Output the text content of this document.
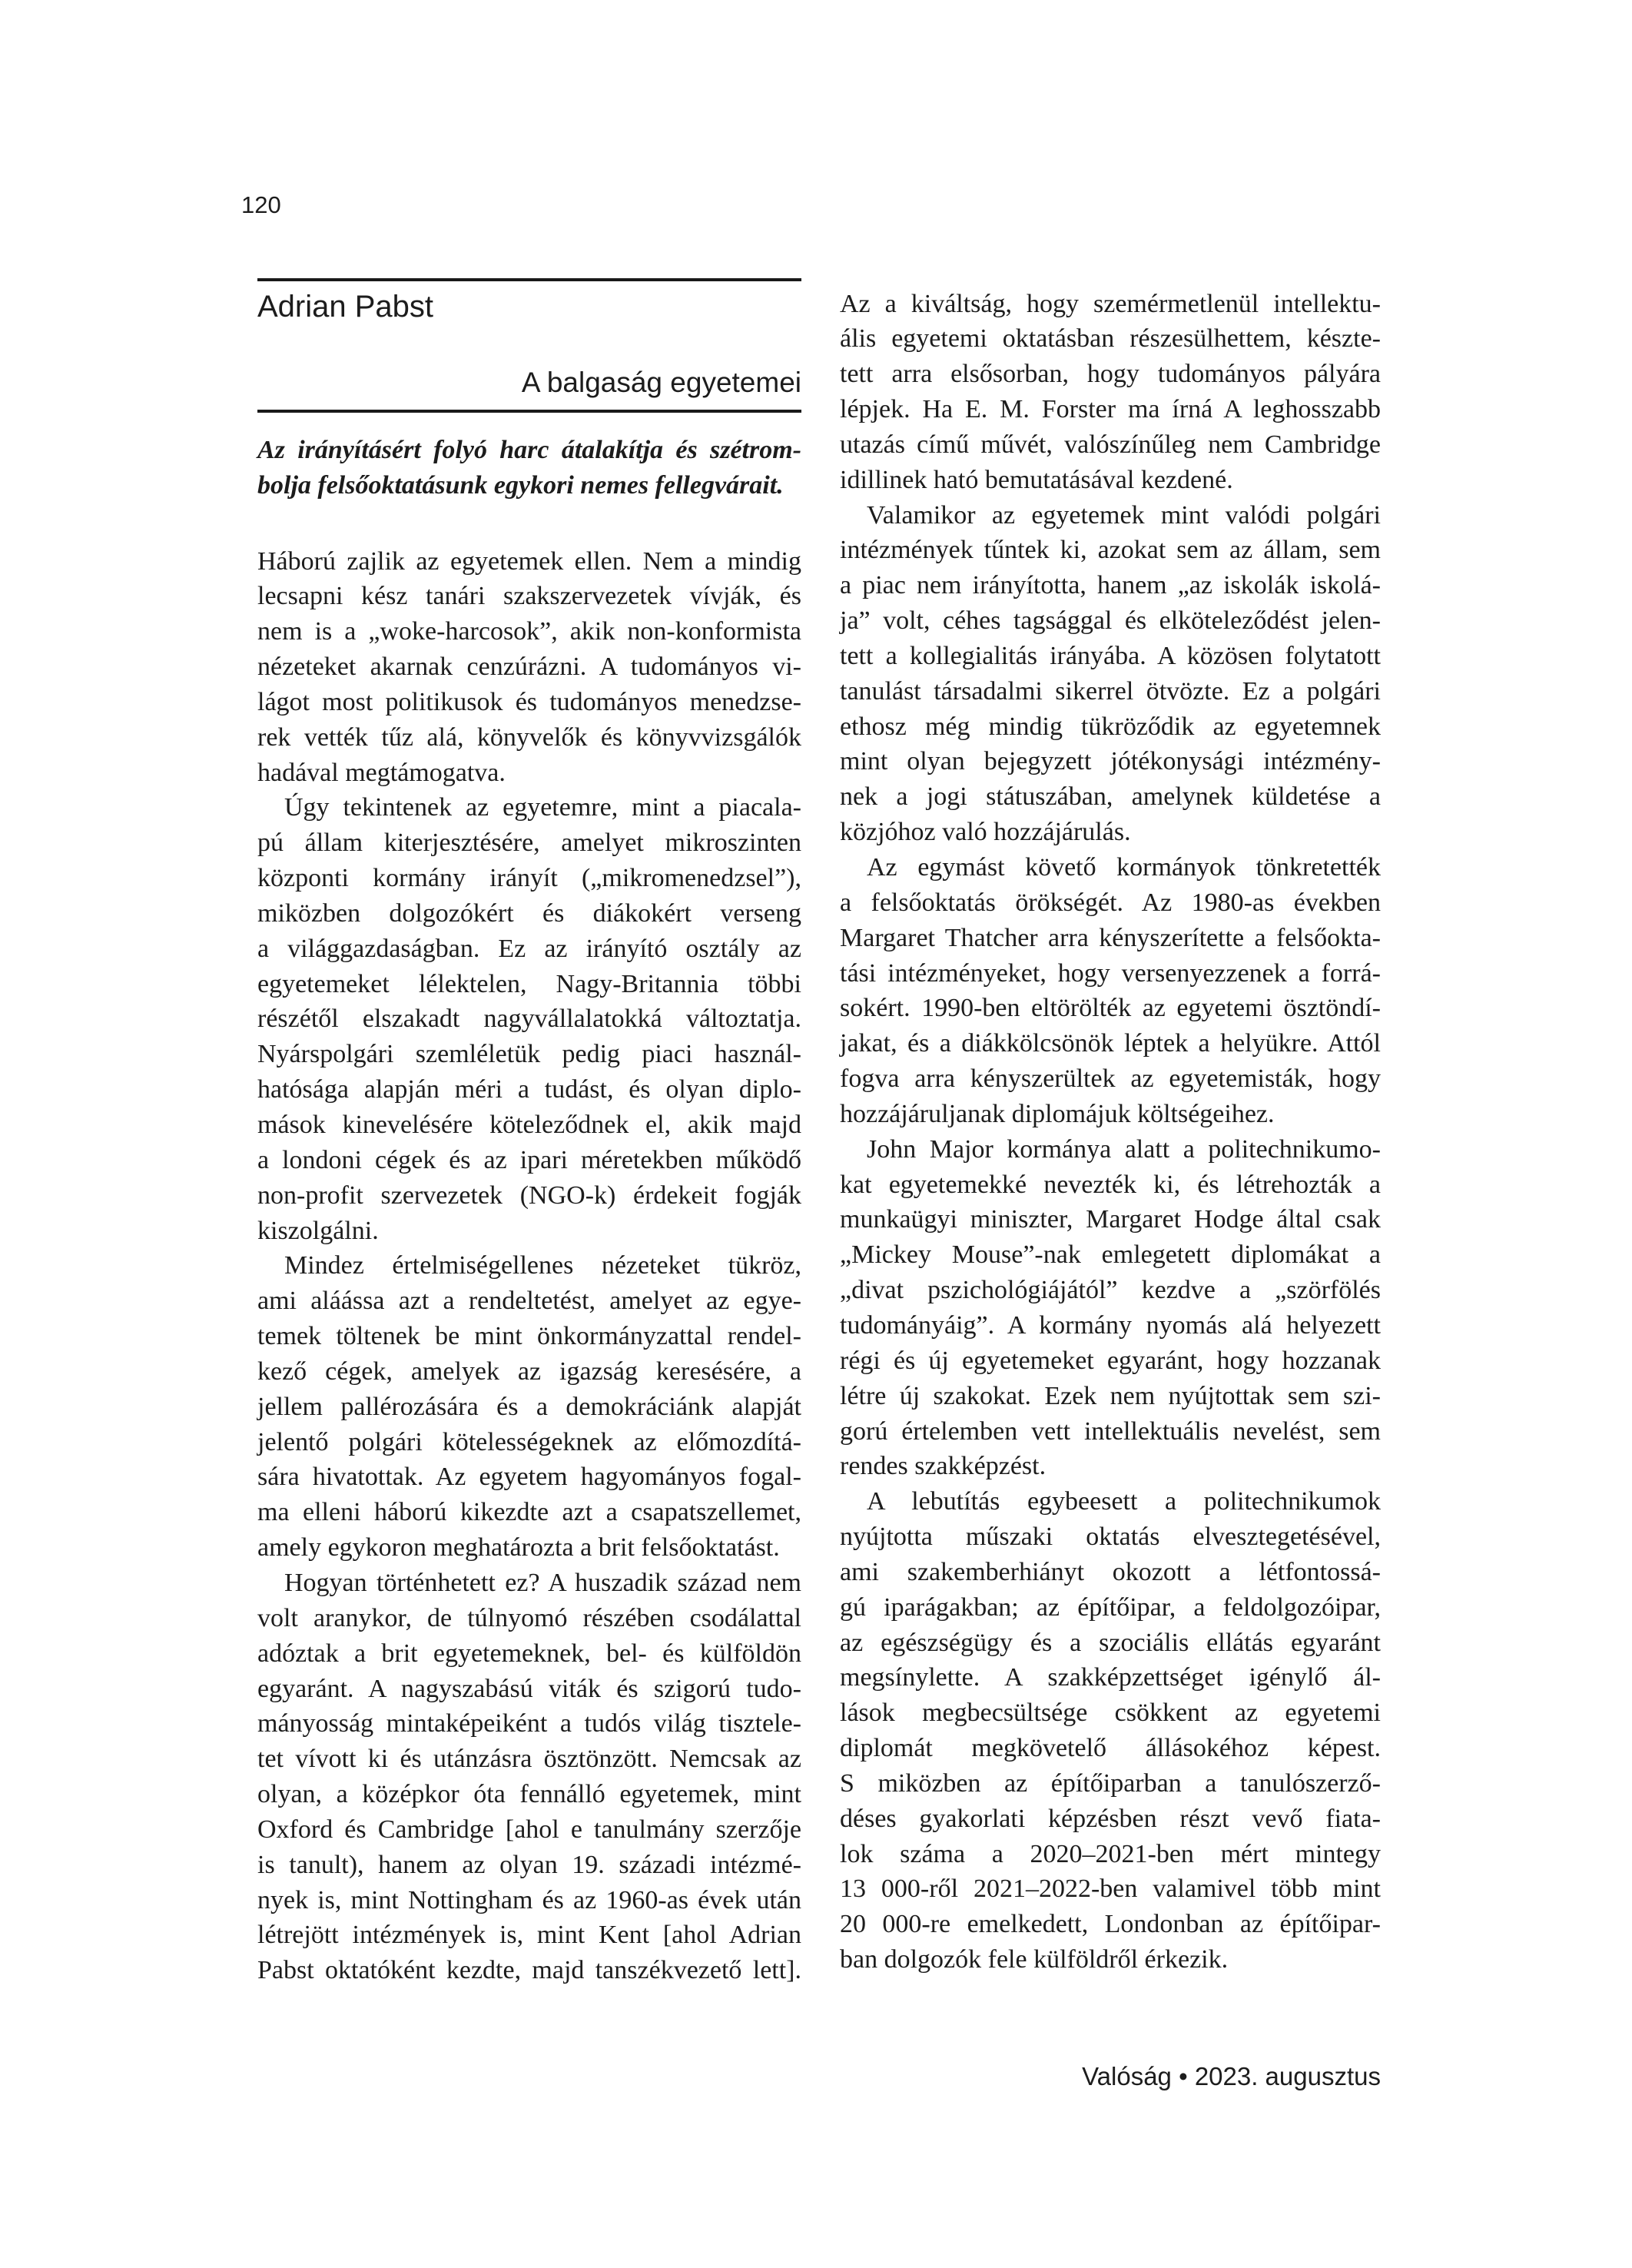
120
Adrian Pabst
A balgaság egyetemei
Az irányításért folyó harc átalakítja és szétrom-
bolja felsőoktatásunk egykori nemes fellegvárait.
Háború zajlik az egyetemek ellen. Nem a mindig
lecsapni kész tanári szakszervezetek vívják, és
nem is a „woke-harcosok”, akik non-konformista
nézeteket akarnak cenzúrázni. A tudományos vi-
lágot most politikusok és tudományos menedzse-
rek vették tűz alá, könyvelők és könyvvizsgálók
hadával megtámogatva.
Úgy tekintenek az egyetemre, mint a piacala-
pú állam kiterjesztésére, amelyet mikroszinten
központi kormány irányít („mikromenedzsel”),
miközben dolgozókért és diákokért verseng
a világgazdaságban. Ez az irányító osztály az
egyetemeket lélektelen, Nagy-Britannia többi
részétől elszakadt nagyvállalatokká változtatja.
Nyárspolgári szemléletük pedig piaci használ-
hatósága alapján méri a tudást, és olyan diplo-
mások kinevelésére köteleződnek el, akik majd
a londoni cégek és az ipari méretekben működő
non-profit szervezetek (NGO-k) érdekeit fogják
kiszolgálni.
Mindez értelmiségellenes nézeteket tükröz,
ami aláássa azt a rendeltetést, amelyet az egye-
temek töltenek be mint önkormányzattal rendel-
kező cégek, amelyek az igazság keresésére, a
jellem pallérozására és a demokráciánk alapját
jelentő polgári kötelességeknek az előmozdítá-
sára hivatottak. Az egyetem hagyományos fogal-
ma elleni háború kikezdte azt a csapatszellemet,
amely egykoron meghatározta a brit felsőoktatást.
Hogyan történhetett ez? A huszadik század nem
volt aranykor, de túlnyomó részében csodálattal
adóztak a brit egyetemeknek, bel- és külföldön
egyaránt. A nagyszabású viták és szigorú tudo-
mányosság mintaképeiként a tudós világ tisztele-
tet vívott ki és utánzásra ösztönzött. Nemcsak az
olyan, a középkor óta fennálló egyetemek, mint
Oxford és Cambridge [ahol e tanulmány szerzője
is tanult), hanem az olyan 19. századi intézmé-
nyek is, mint Nottingham és az 1960-as évek után
létrejött intézmények is, mint Kent [ahol Adrian
Pabst oktatóként kezdte, majd tanszékvezető lett].
Az a kiváltság, hogy szemérmetlenül intellektu-
ális egyetemi oktatásban részesülhettem, készte-
tett arra elsősorban, hogy tudományos pályára
lépjek. Ha E. M. Forster ma írná A leghosszabb
utazás című művét, valószínűleg nem Cambridge
idillinek ható bemutatásával kezdené.
Valamikor az egyetemek mint valódi polgári
intézmények tűntek ki, azokat sem az állam, sem
a piac nem irányította, hanem „az iskolák iskolá-
ja” volt, céhes tagsággal és elköteleződést jelen-
tett a kollegialitás irányába. A közösen folytatott
tanulást társadalmi sikerrel ötvözte. Ez a polgári
ethosz még mindig tükröződik az egyetemnek
mint olyan bejegyzett jótékonysági intézmény-
nek a jogi státuszában, amelynek küldetése a
közjóhoz való hozzájárulás.
Az egymást követő kormányok tönkretették
a felsőoktatás örökségét. Az 1980-as években
Margaret Thatcher arra kényszerítette a felsőokta-
tási intézményeket, hogy versenyezzenek a forrá-
sokért. 1990-ben eltörölték az egyetemi ösztöndí-
jakat, és a diákkölcsönök léptek a helyükre. Attól
fogva arra kényszerültek az egyetemisták, hogy
hozzájáruljanak diplomájuk költségeihez.
John Major kormánya alatt a politechnikumo-
kat egyetemekké nevezték ki, és létrehozták a
munkaügyi miniszter, Margaret Hodge által csak
„Mickey Mouse”-nak emlegetett diplomákat a
„divat pszichológiájától” kezdve a „szörfölés
tudományáig”. A kormány nyomás alá helyezett
régi és új egyetemeket egyaránt, hogy hozzanak
létre új szakokat. Ezek nem nyújtottak sem szi-
gorú értelemben vett intellektuális nevelést, sem
rendes szakképzést.
A lebutítás egybeesett a politechnikumok
nyújtotta műszaki oktatás elvesztegetésével,
ami szakemberhiányt okozott a létfontossá-
gú iparágakban; az építőipar, a feldolgozóipar,
az egészségügy és a szociális ellátás egyaránt
megsínylette. A szakképzettséget igénylő ál-
lások megbecsültsége csökkent az egyetemi
diplomát megkövetelő állásokéhoz képest.
S miközben az építőiparban a tanulószerző-
déses gyakorlati képzésben részt vevő fiata-
lok száma a 2020–2021-ben mért mintegy
13 000-ről 2021–2022-ben valamivel több mint
20 000-re emelkedett, Londonban az építőipar-
ban dolgozók fele külföldről érkezik.
Valóság • 2023. augusztus
